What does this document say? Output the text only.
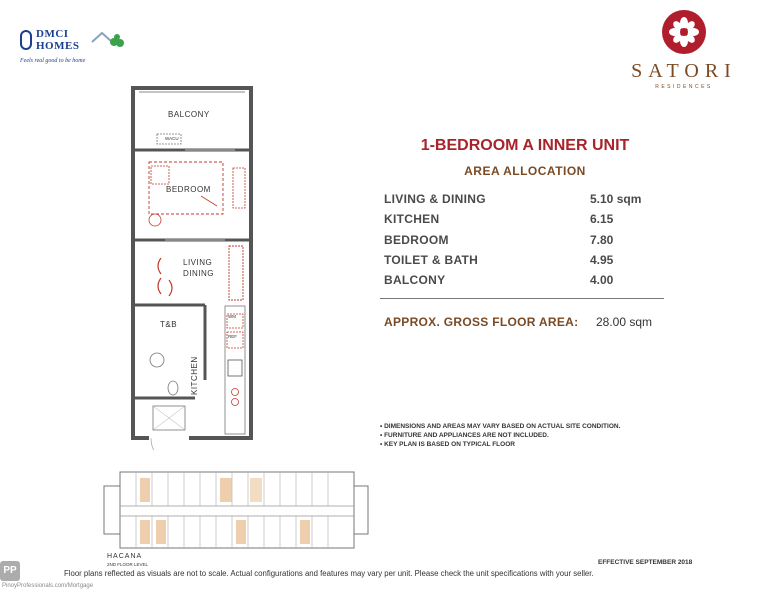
DMCI
HOMES
Feels real good to be home	SATORI
RESIDENCES
1-BEDROOM A INNER UNIT
AREA ALLOCATION
LIVING & DINING	5.10 sqm
KITCHEN	6.15
BEDROOM	7.80
TOILET & BATH	4.95
BALCONY	4.00
APPROX. GROSS FLOOR AREA: 28.00 sqm
• DIMENSIONS AND AREAS MAY VARY BASED ON ACTUAL SITE CONDITION.
• FURNITURE AND APPLIANCES ARE NOT INCLUDED.
• KEY PLAN IS BASED ON TYPICAL FLOOR
BALCONY
WACU
BEDROOM
LIVING
DINING
T&B
WM
REF
KITCHEN
HACANA
2ND FLOOR LEVEL	EFFECTIVE SEPTEMBER 2018
Floor plans reflected as visuals are not to scale. Actual configurations and features may vary per unit. Please check the unit specifications with your seller.
PP
PinoyProfessionals.com/Mortgage
